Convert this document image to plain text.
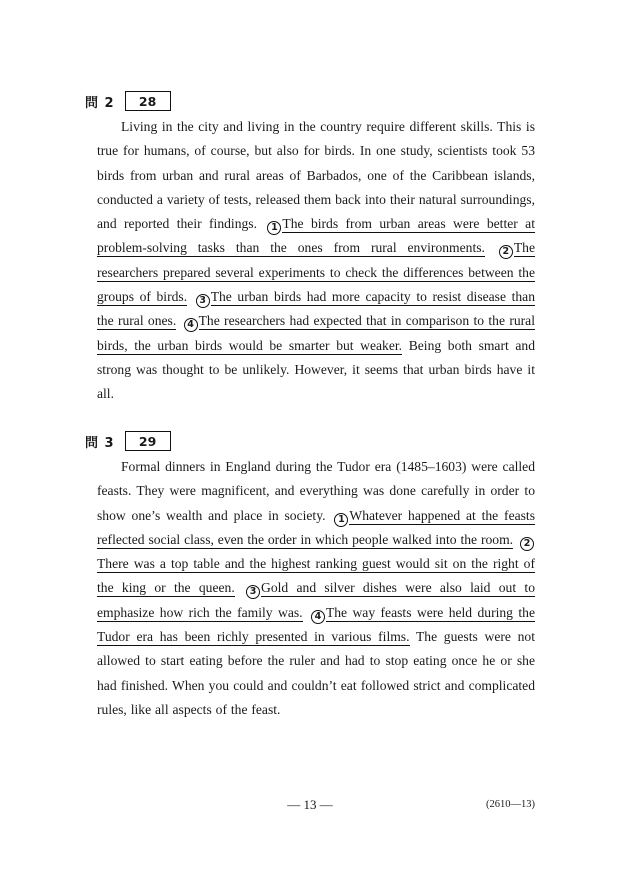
問 2	28

Living in the city and living in the country require different skills. This is true for humans, of course, but also for birds. In one study, scientists took 53 birds from urban and rural areas of Barbados, one of the Caribbean islands, conducted a variety of tests, released them back into their natural surroundings, and reported their findings. 1 The birds from urban areas were better at problem-solving tasks than the ones from rural environments. 2 The researchers prepared several experiments to check the differences between the groups of birds. 3 The urban birds had more capacity to resist disease than the rural ones. 4 The researchers had expected that in comparison to the rural birds, the urban birds would be smarter but weaker. Being both smart and strong was thought to be unlikely. However, it seems that urban birds have it all.

問 3	29

Formal dinners in England during the Tudor era (1485–1603) were called feasts. They were magnificent, and everything was done carefully in order to show one’s wealth and place in society. 1 Whatever happened at the feasts reflected social class, even the order in which people walked into the room. 2There was a top table and the highest ranking guest would sit on the right of the king or the queen. 3 Gold and silver dishes were also laid out to emphasize how rich the family was. 4 The way feasts were held during the Tudor era has been richly presented in various films. The guests were not allowed to start eating before the ruler and had to stop eating once he or she had finished. When you could and couldn’t eat followed strict and complicated rules, like all aspects of the feast.

— 13 —	(2610—13)
